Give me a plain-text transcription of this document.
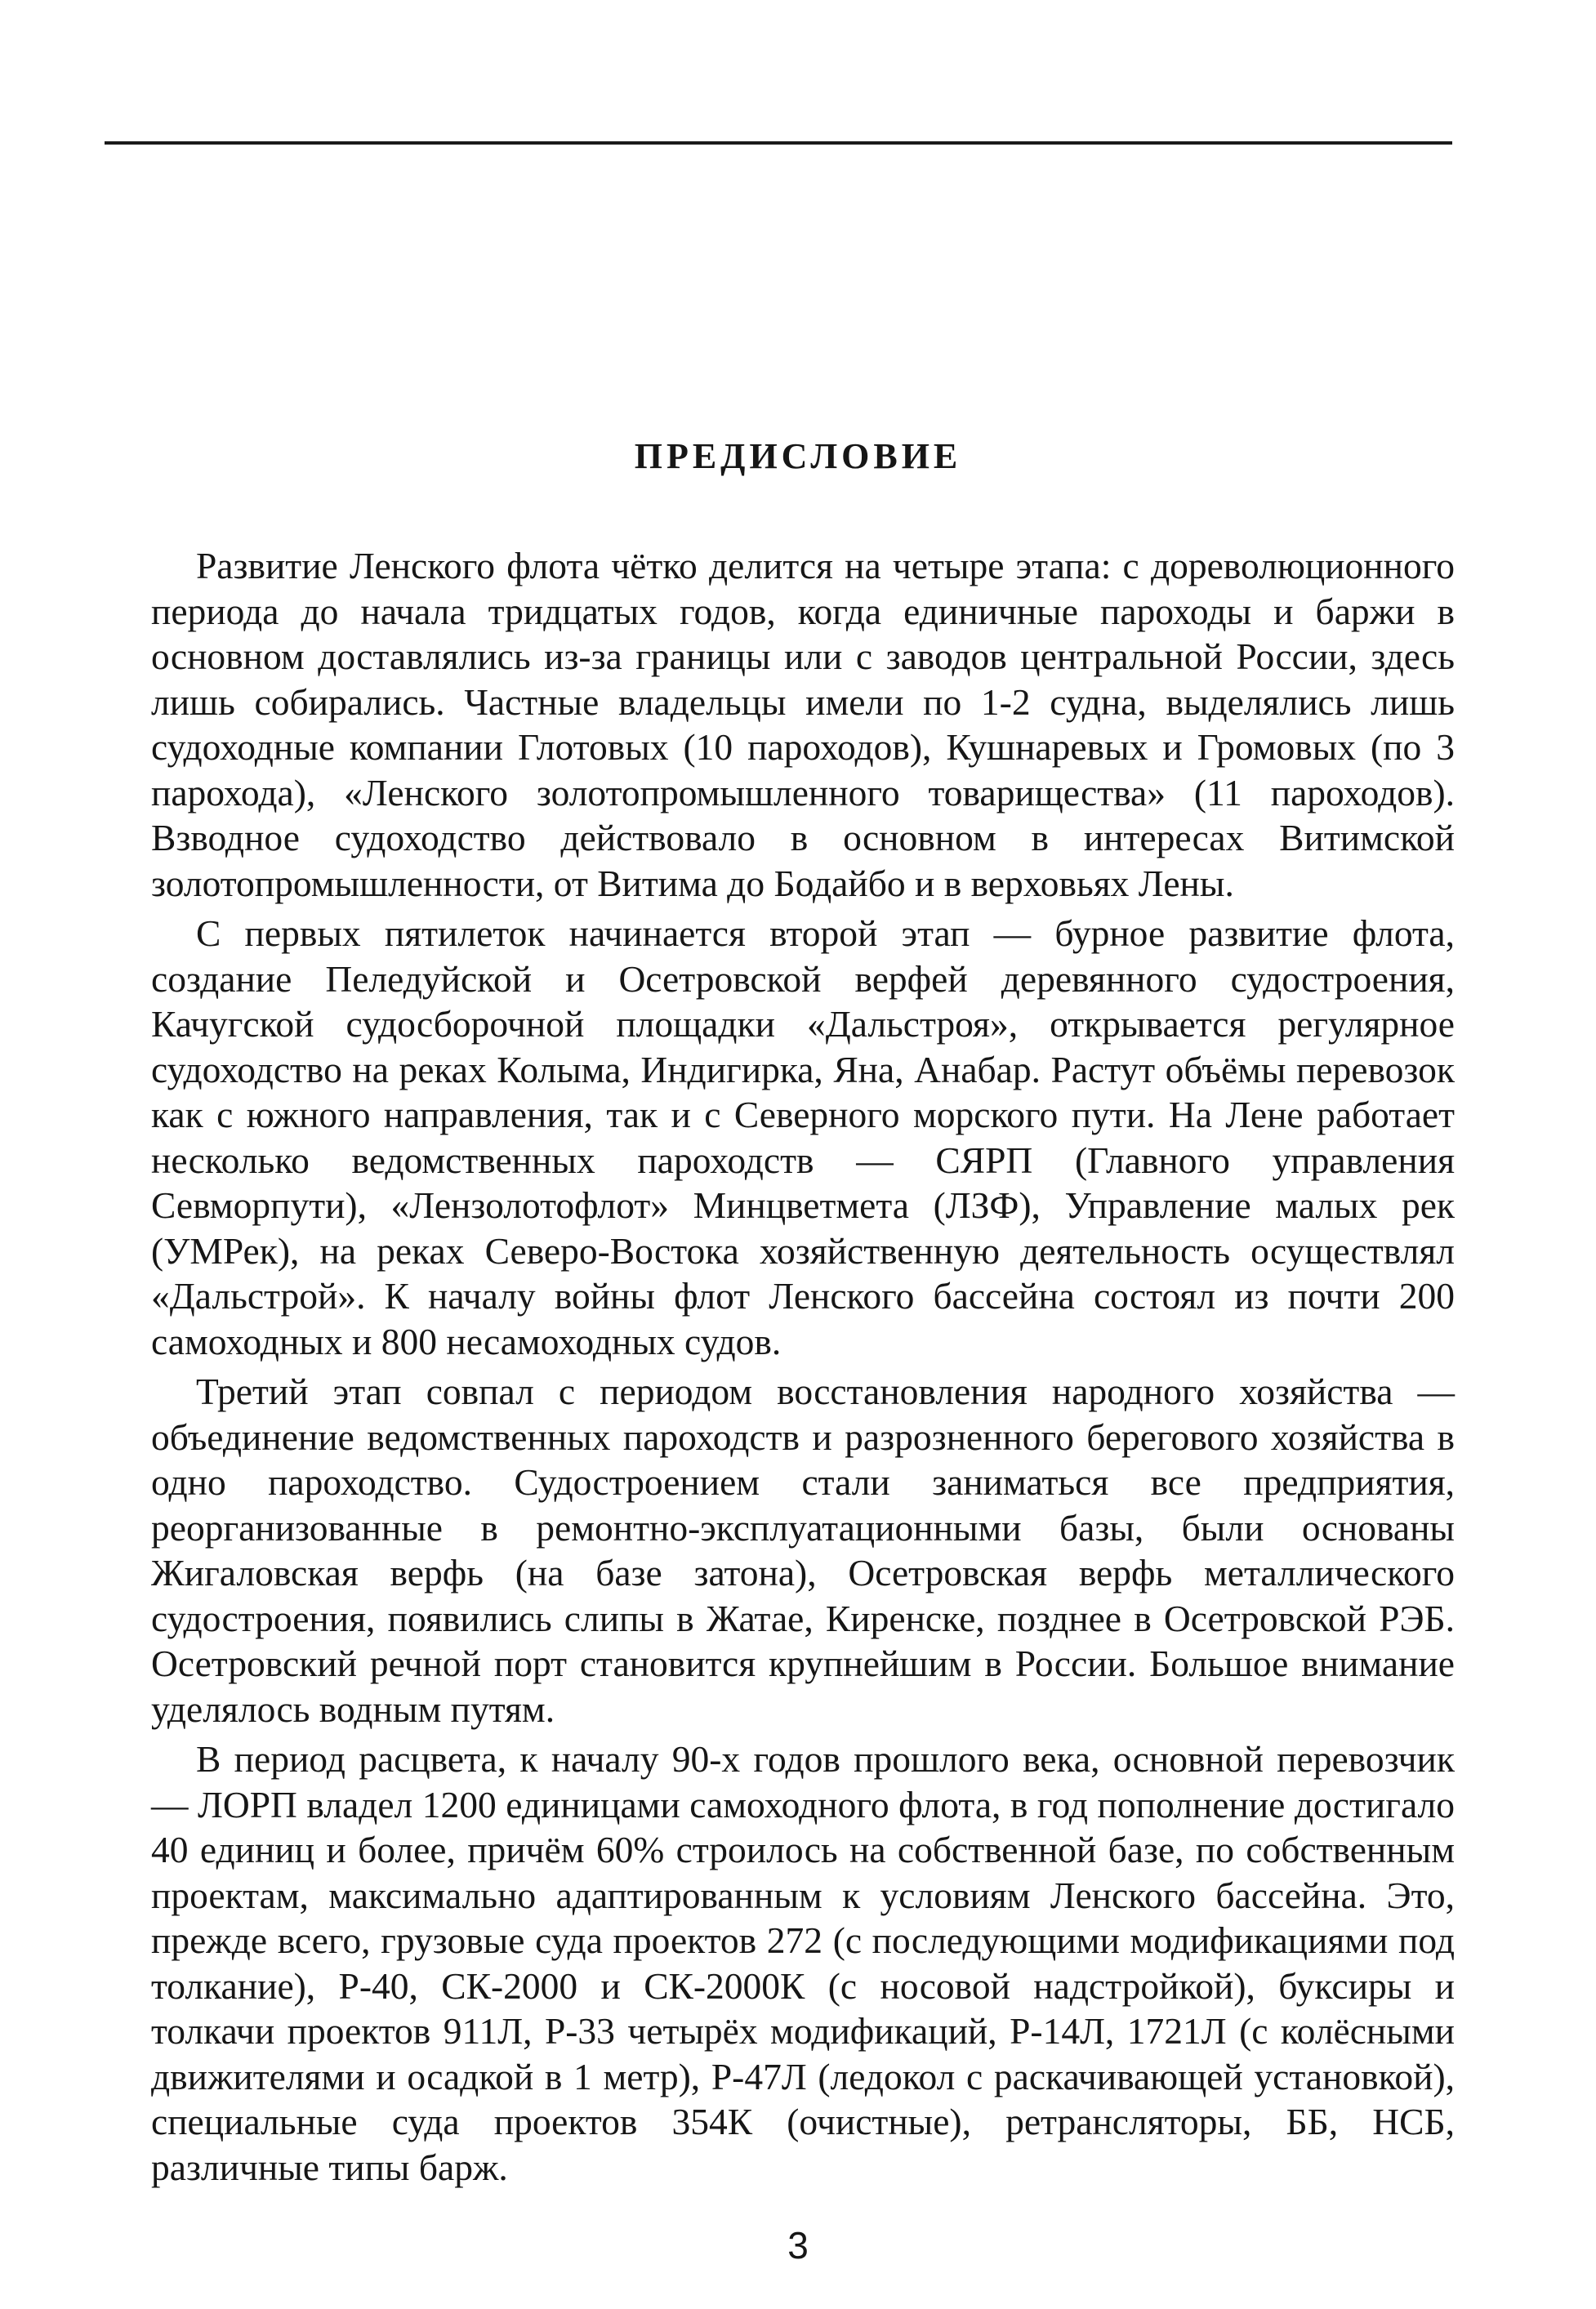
ПРЕДИСЛОВИЕ

Развитие Ленского флота чётко делится на четыре этапа: с дореволюционного периода до начала тридцатых годов, когда единичные пароходы и баржи в основном доставлялись из-за границы или с заводов центральной России, здесь лишь собирались. Частные владельцы имели по 1-2 судна, выделялись лишь судоходные компании Глотовых (10 пароходов), Кушнаревых и Громовых (по 3 парохода), «Ленского золотопромышленного товарищества» (11 пароходов). Взводное судоходство действовало в основном в интересах Витимской золотопромышленности, от Витима до Бодайбо и в верховьях Лены.

С первых пятилеток начинается второй этап — бурное развитие флота, создание Пеледуйской и Осетровской верфей деревянного судостроения, Качугской судосборочной площадки «Дальстроя», открывается регулярное судоходство на реках Колыма, Индигирка, Яна, Анабар. Растут объёмы перевозок как с южного направления, так и с Северного морского пути. На Лене работает несколько ведомственных пароходств — СЯРП (Главного управления Севморпути), «Лензолотофлот» Минцветмета (ЛЗФ), Управление малых рек (УМРек), на реках Северо-Востока хозяйственную деятельность осуществлял «Дальстрой». К началу войны флот Ленского бассейна состоял из почти 200 самоходных и 800 несамоходных судов.

Третий этап совпал с периодом восстановления народного хозяйства — объединение ведомственных пароходств и разрозненного берегового хозяйства в одно пароходство. Судостроением стали заниматься все предприятия, реорганизованные в ремонтно-эксплуатационными базы, были основаны Жигаловская верфь (на базе затона), Осетровская верфь металлического судостроения, появились слипы в Жатае, Киренске, позднее в Осетровской РЭБ. Осетровский речной порт становится крупнейшим в России. Большое внимание уделялось водным путям.

В период расцвета, к началу 90-х годов прошлого века, основной перевозчик — ЛОРП владел 1200 единицами самоходного флота, в год пополнение достигало 40 единиц и более, причём 60% строилось на собственной базе, по собственным проектам, максимально адаптированным к условиям Ленского бассейна. Это, прежде всего, грузовые суда проектов 272 (с последующими модификациями под толкание), Р-40, СК-2000 и СК-2000К (с носовой надстройкой), буксиры и толкачи проектов 911Л, Р-33 четырёх модификаций, Р-14Л, 1721Л (с колёсными движителями и осадкой в 1 метр), Р-47Л (ледокол с раскачивающей установкой), специальные суда проектов 354К (очистные), ретрансляторы, ББ, НСБ, различные типы барж.

3
